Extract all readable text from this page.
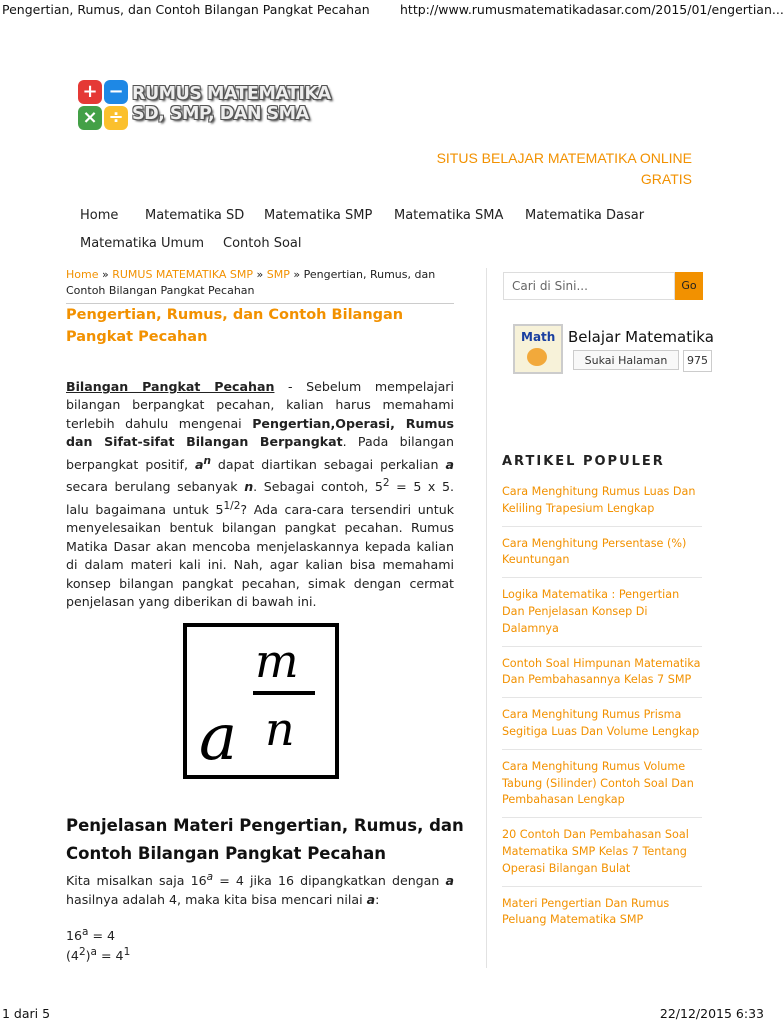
Pengertian, Rumus, dan Contoh Bilangan Pangkat Pecahan http://www.rumusmatematikadasar.com/2015/01/engertian...
+ −
× ÷
RUMUS MATEMATIKA
SD, SMP, DAN SMA
SITUS BELAJAR MATEMATIKA ONLINE GRATIS
Home Matematika SD Matematika SMP Matematika SMA Matematika Dasar
Matematika Umum Contoh Soal
Home » RUMUS MATEMATIKA SMP » SMP » Pengertian, Rumus, dan Contoh Bilangan Pangkat Pecahan
Pengertian, Rumus, dan Contoh Bilangan Pangkat Pecahan
Bilangan Pangkat Pecahan - Sebelum mempelajari bilangan berpangkat pecahan, kalian harus memahami terlebih dahulu mengenai Pengertian,Operasi, Rumus dan Sifat-sifat Bilangan Berpangkat. Pada bilangan berpangkat positif, $a^n$ dapat diartikan sebagai perkalian a secara berulang sebanyak n. Sebagai contoh, $5^2 = 5$ x 5. lalu bagaimana untuk $5^{1/2}$? Ada cara-cara tersendiri untuk menyelesaikan bentuk bilangan pangkat pecahan. Rumus Matika Dasar akan mencoba menjelaskannya kepada kalian di dalam materi kali ini. Nah, agar kalian bisa memahami konsep bilangan pangkat pecahan, simak dengan cermat penjelasan yang diberikan di bawah ini.
a
m
n
Penjelasan Materi Pengertian, Rumus, dan Contoh Bilangan Pangkat Pecahan
Kita misalkan saja $16^a = 4$ jika 16 dipangkatkan dengan a hasilnya adalah 4, maka kita bisa mencari nilai a:
$16^a = 4$
$(4^2)^a = 4^1$
Cari di Sini...	Go
Math Belajar Matematika
Sukai Halaman	975
ARTIKEL POPULER
Cara Menghitung Rumus Luas Dan Keliling Trapesium Lengkap
Cara Menghitung Persentase (%) Keuntungan
Logika Matematika : Pengertian Dan Penjelasan Konsep Di Dalamnya
Contoh Soal Himpunan Matematika Dan Pembahasannya Kelas 7 SMP
Cara Menghitung Rumus Prisma Segitiga Luas Dan Volume Lengkap
Cara Menghitung Rumus Volume Tabung (Silinder) Contoh Soal Dan Pembahasan Lengkap
20 Contoh Dan Pembahasan Soal Matematika SMP Kelas 7 Tentang Operasi Bilangan Bulat
Materi Pengertian Dan Rumus Peluang Matematika SMP
1 dari 5	22/12/2015 6:33
